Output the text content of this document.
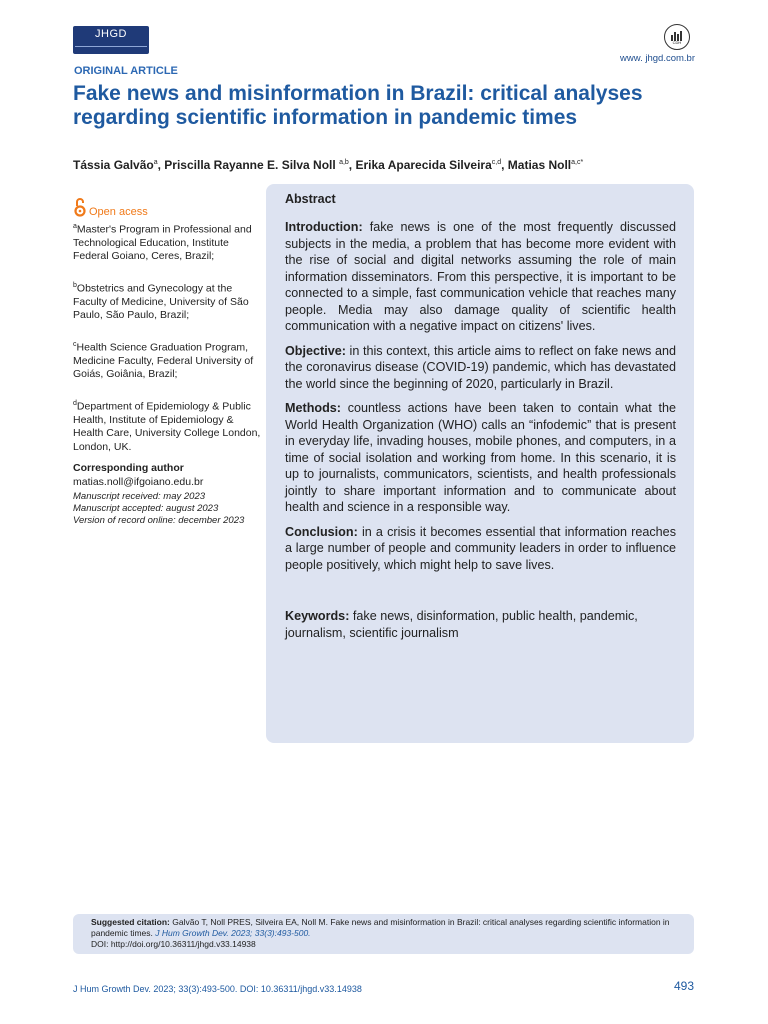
JHGD
CDH
www. jhgd.com.br
ORIGINAL ARTICLE
Fake news and misinformation in Brazil: critical analyses regarding scientific information in pandemic times
Tássia Galvão$^a$, Priscilla Rayanne E. Silva Noll $^{a,b}$, Erika Aparecida Silveira$^{c,d}$, Matias Noll$^{a,c*}$
Open acess

$^a$Master's Program in Professional and Technological Education, Institute Federal Goiano, Ceres, Brazil;

$^b$Obstetrics and Gynecology at the Faculty of Medicine, University of São Paulo, São Paulo, Brazil;

$^c$Health Science Graduation Program, Medicine Faculty, Federal University of Goiás, Goiânia, Brazil;

$^d$Department of Epidemiology & Public Health, Institute of Epidemiology & Health Care, University College London, London, UK.

Corresponding author
matias.noll@ifgoiano.edu.br
Manuscript received: may 2023
Manuscript accepted: august 2023
Version of record online: december 2023
Abstract

Introduction: fake news is one of the most frequently discussed subjects in the media, a problem that has become more evident with the rise of social and digital networks assuming the role of main information disseminators. From this perspective, it is important to be connected to a simple, fast communication vehicle that reaches many people. Media may also damage quality of scientific health communication with a negative impact on citizens' lives.

Objective: in this context, this article aims to reflect on fake news and the coronavirus disease (COVID-19) pandemic, which has devastated the world since the beginning of 2020, particularly in Brazil.

Methods: countless actions have been taken to contain what the World Health Organization (WHO) calls an “infodemic” that is present in everyday life, invading houses, mobile phones, and computers, in a time of social isolation and working from home. In this scenario, it is up to journalists, communicators, scientists, and health professionals jointly to share important information and to communicate about health and science in a responsible way.

Conclusion: in a crisis it becomes essential that information reaches a large number of people and community leaders in order to influence people positively, which might help to save lives.

Keywords: fake news, disinformation, public health, pandemic, journalism, scientific journalism

Suggested citation: Galvão T, Noll PRES, Silveira EA, Noll M. Fake news and misinformation in Brazil: critical analyses regarding scientific information in pandemic times. J Hum Growth Dev. 2023; 33(3):493-500.
DOI: http://doi.org/10.36311/jhgd.v33.14938
J Hum Growth Dev. 2023; 33(3):493-500. DOI: 10.36311/jhgd.v33.14938	493
